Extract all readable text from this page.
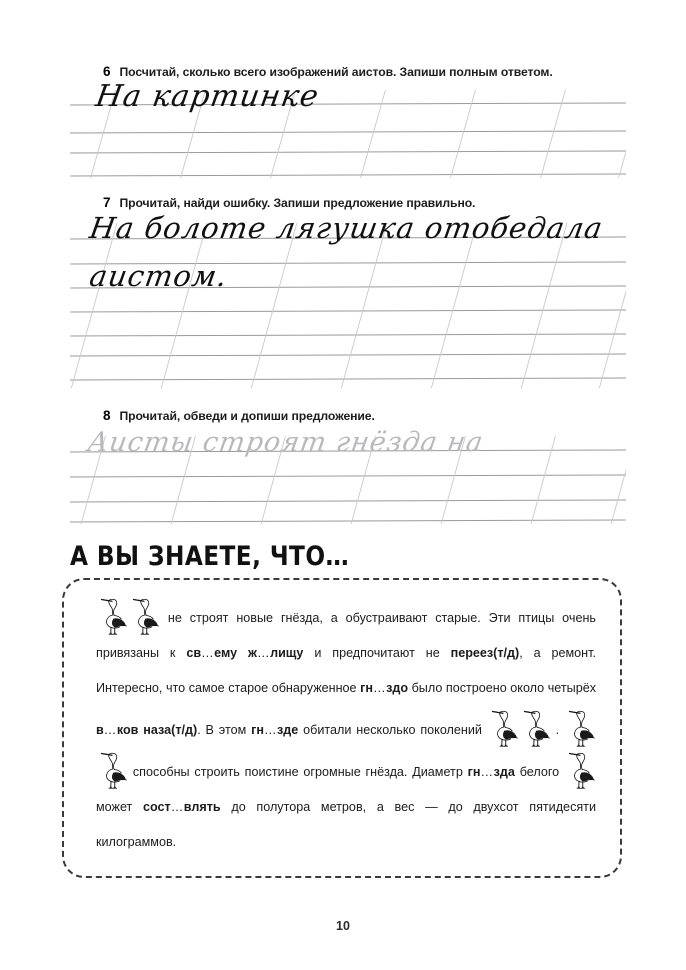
6 Посчитай, сколько всего изображений аистов. Запиши полным ответом.
На картинке
7 Прочитай, найди ошибку. Запиши предложение правильно.
На болоте лягушка отобедала
аистом.
8 Прочитай, обведи и допиши предложение.
Аисты строят гнёзда на
А ВЫ ЗНАЕТЕ, ЧТО…
не строят новые гнёзда, а обустраивают старые. Эти птицы очень привязаны к св…ему ж…лищу и предпочитают не переез(т/д), а ремонт. Интересно, что самое старое обнаруженное гн…здо было построено около четырёх в…ков наза(т/д). В этом гн…зде обитали несколько поколений	.  способны строить поистине огромные гнёзда. Диаметр гн…зда белого  может сост…влять до полутора метров, а вес — до двухсот пятидесяти килограммов.
10
